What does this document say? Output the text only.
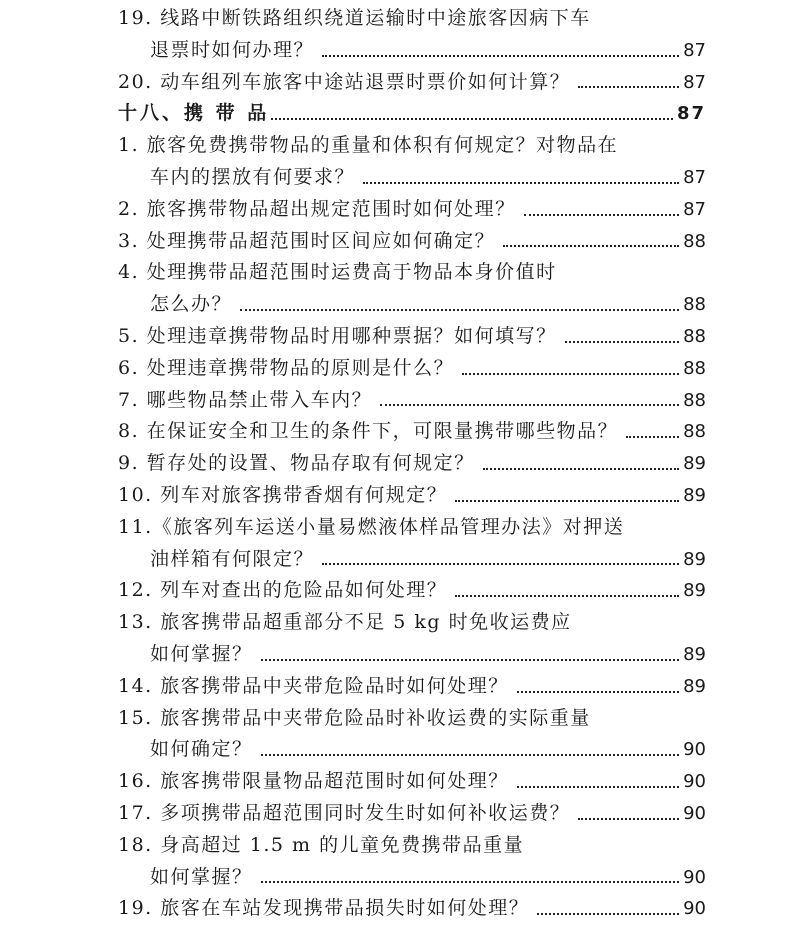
19. 线路中断铁路组织绕道运输时中途旅客因病下车
退票时如何办理？	87
20. 动车组列车旅客中途站退票时票价如何计算？	87
十八、携 带 品	87
1. 旅客免费携带物品的重量和体积有何规定？对物品在
车内的摆放有何要求？	87
2. 旅客携带物品超出规定范围时如何处理？	87
3. 处理携带品超范围时区间应如何确定？	88
4. 处理携带品超范围时运费高于物品本身价值时
怎么办？	88
5. 处理违章携带物品时用哪种票据？如何填写？	88
6. 处理违章携带物品的原则是什么？	88
7. 哪些物品禁止带入车内？	88
8. 在保证安全和卫生的条件下，可限量携带哪些物品？	88
9. 暂存处的设置、物品存取有何规定？	89
10. 列车对旅客携带香烟有何规定？	89
11.《旅客列车运送小量易燃液体样品管理办法》对押送
油样箱有何限定？	89
12. 列车对查出的危险品如何处理？	89
13. 旅客携带品超重部分不足 5 kg 时免收运费应
如何掌握？	89
14. 旅客携带品中夹带危险品时如何处理？	89
15. 旅客携带品中夹带危险品时补收运费的实际重量
如何确定？	90
16. 旅客携带限量物品超范围时如何处理？	90
17. 多项携带品超范围同时发生时如何补收运费？	90
18. 身高超过 1.5 m 的儿童免费携带品重量
如何掌握？	90
19. 旅客在车站发现携带品损失时如何处理？	90
